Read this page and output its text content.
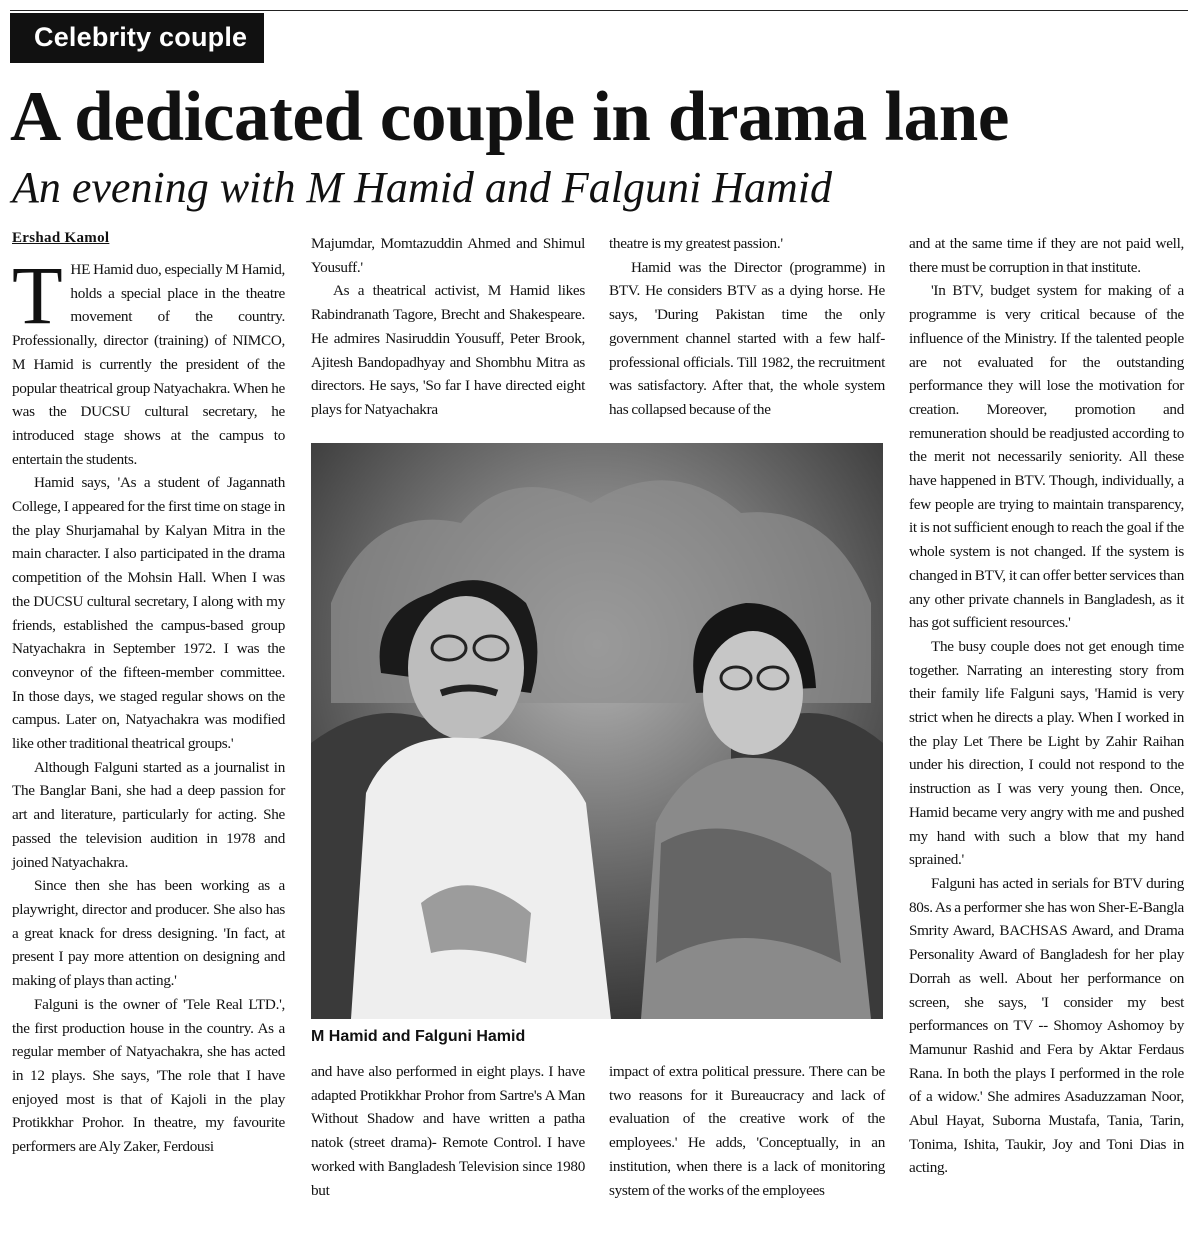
Celebrity couple
A dedicated couple in drama lane
An evening with M Hamid and Falguni Hamid
Ershad Kamol

THE Hamid duo, especially M Hamid, holds a special place in the theatre movement of the country. Professionally, director (training) of NIMCO, M Hamid is currently the president of the popular theatrical group Natyachakra. When he was the DUCSU cultural secretary, he introduced stage shows at the campus to entertain the students.

Hamid says, 'As a student of Jagannath College, I appeared for the first time on stage in the play Shurjamahal by Kalyan Mitra in the main character. I also participated in the drama competition of the Mohsin Hall. When I was the DUCSU cultural secretary, I along with my friends, established the campus-based group Natyachakra in September 1972. I was the conveynor of the fifteen-member committee. In those days, we staged regular shows on the campus. Later on, Natyachakra was modified like other traditional theatrical groups.'

Although Falguni started as a journalist in The Banglar Bani, she had a deep passion for art and literature, particularly for acting. She passed the television audition in 1978 and joined Natyachakra.

Since then she has been working as a playwright, director and producer. She also has a great knack for dress designing. 'In fact, at present I pay more attention on designing and making of plays than acting.'

Falguni is the owner of 'Tele Real LTD.', the first production house in the country. As a regular member of Natyachakra, she has acted in 12 plays. She says, 'The role that I have enjoyed most is that of Kajoli in the play Protikkhar Prohor. In theatre, my favourite performers are Aly Zaker, Ferdousi

Majumdar, Momtazuddin Ahmed and Shimul Yousuff.'

As a theatrical activist, M Hamid likes Rabindranath Tagore, Brecht and Shakespeare. He admires Nasiruddin Yousuff, Peter Brook, Ajitesh Bandopadhyay and Shombhu Mitra as directors. He says, 'So far I have directed eight plays for Natyachakra

theatre is my greatest passion.'

Hamid was the Director (programme) in BTV. He considers BTV as a dying horse. He says, 'During Pakistan time the only government channel started with a few half-professional officials. Till 1982, the recruitment was satisfactory. After that, the whole system has collapsed because of the

M Hamid and Falguni Hamid

and have also performed in eight plays. I have adapted Protikkhar Prohor from Sartre's A Man Without Shadow and have written a patha natok (street drama)- Remote Control. I have worked with Bangladesh Television since 1980 but

impact of extra political pressure. There can be two reasons for it Bureaucracy and lack of evaluation of the creative work of the employees.' He adds, 'Conceptually, in an institution, when there is a lack of monitoring system of the works of the employees

and at the same time if they are not paid well, there must be corruption in that institute.

'In BTV, budget system for making of a programme is very critical because of the influence of the Ministry. If the talented people are not evaluated for the outstanding performance they will lose the motivation for creation. Moreover, promotion and remuneration should be readjusted according to the merit not necessarily seniority. All these have happened in BTV. Though, individually, a few people are trying to maintain transparency, it is not sufficient enough to reach the goal if the whole system is not changed. If the system is changed in BTV, it can offer better services than any other private channels in Bangladesh, as it has got sufficient resources.'

The busy couple does not get enough time together. Narrating an interesting story from their family life Falguni says, 'Hamid is very strict when he directs a play. When I worked in the play Let There be Light by Zahir Raihan under his direction, I could not respond to the instruction as I was very young then. Once, Hamid became very angry with me and pushed my hand with such a blow that my hand sprained.'

Falguni has acted in serials for BTV during 80s. As a performer she has won Sher-E-Bangla Smrity Award, BACHSAS Award, and Drama Personality Award of Bangladesh for her play Dorrah as well. About her performance on screen, she says, 'I consider my best performances on TV -- Shomoy Ashomoy by Mamunur Rashid and Fera by Aktar Ferdaus Rana. In both the plays I performed in the role of a widow.' She admires Asaduzzaman Noor, Abul Hayat, Suborna Mustafa, Tania, Tarin, Tonima, Ishita, Taukir, Joy and Toni Dias in acting.
